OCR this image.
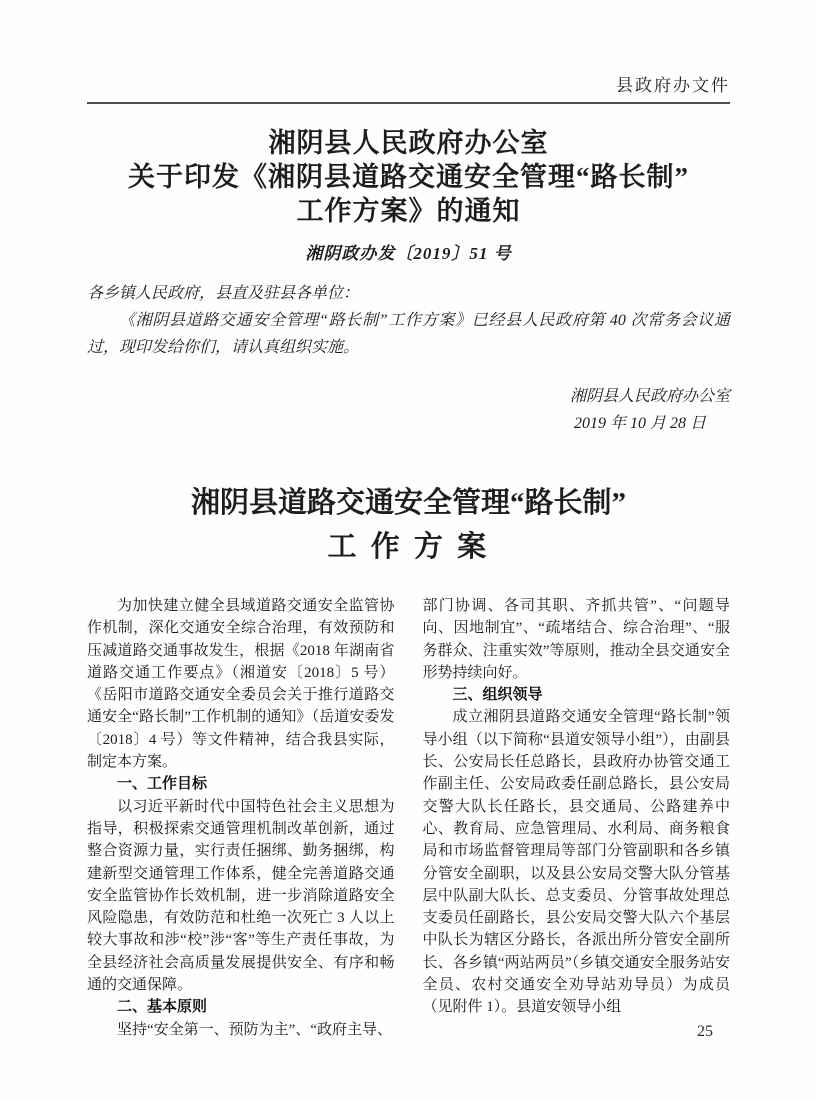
县政府办文件
湘阴县人民政府办公室
关于印发《湘阴县道路交通安全管理“路长制”
工作方案》的通知
湘阴政办发〔2019〕51 号

各乡镇人民政府，县直及驻县各单位：

《湘阴县道路交通安全管理“路长制”工作方案》已经县人民政府第 40 次常务会议通过，现印发给你们，请认真组织实施。

湘阴县人民政府办公室
2019 年 10 月 28 日
湘阴县道路交通安全管理“路长制”
工 作 方 案

为加快建立健全县域道路交通安全监管协作机制，深化交通安全综合治理，有效预防和压减道路交通事故发生，根据《2018 年湖南省道路交通工作要点》（湘道安〔2018〕5 号）《岳阳市道路交通安全委员会关于推行道路交通安全“路长制”工作机制的通知》（岳道安委发〔2018〕4 号）等文件精神，结合我县实际，制定本方案。

一、工作目标

以习近平新时代中国特色社会主义思想为指导，积极探索交通管理机制改革创新，通过整合资源力量，实行责任捆绑、勤务捆绑，构建新型交通管理工作体系，健全完善道路交通安全监管协作长效机制，进一步消除道路安全风险隐患，有效防范和杜绝一次死亡 3 人以上较大事故和涉“校”涉“客”等生产责任事故，为全县经济社会高质量发展提供安全、有序和畅通的交通保障。

二、基本原则

坚持“安全第一、预防为主”、“政府主导、

部门协调、各司其职、齐抓共管”、“问题导向、因地制宜”、“疏堵结合、综合治理”、“服务群众、注重实效”等原则，推动全县交通安全形势持续向好。

三、组织领导

成立湘阴县道路交通安全管理“路长制”领导小组（以下简称“县道安领导小组”），由副县长、公安局长任总路长，县政府办协管交通工作副主任、公安局政委任副总路长，县公安局交警大队长任路长，县交通局、公路建养中心、教育局、应急管理局、水利局、商务粮食局和市场监督管理局等部门分管副职和各乡镇分管安全副职，以及县公安局交警大队分管基层中队副大队长、总支委员、分管事故处理总支委员任副路长，县公安局交警大队六个基层中队长为辖区分路长，各派出所分管安全副所长、各乡镇“两站两员”（乡镇交通安全服务站安全员、农村交通安全劝导站劝导员）为成员（见附件 1）。县道安领导小组

25
